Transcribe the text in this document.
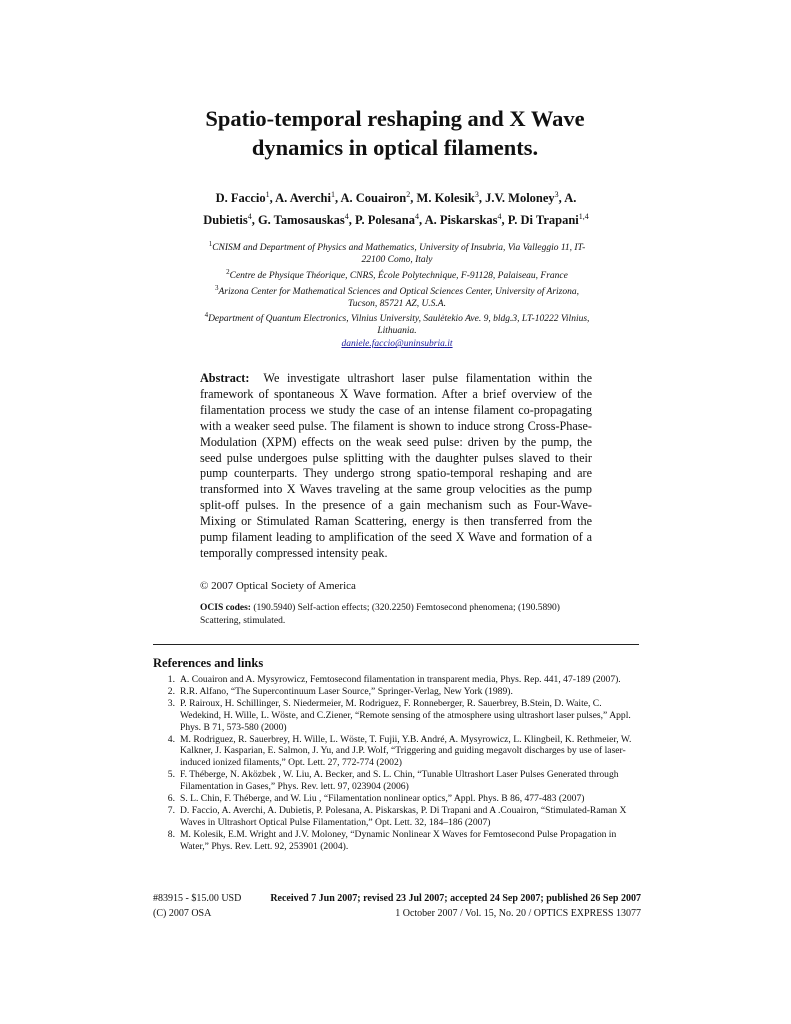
Spatio-temporal reshaping and X Wave
dynamics in optical filaments.
D. Faccio$^1$, A. Averchi$^1$, A. Couairon$^2$, M. Kolesik$^3$, J.V. Moloney$^3$, A. Dubietis$^4$, G. Tamosauskas$^4$, P. Polesana$^4$, A. Piskarskas$^4$, P. Di Trapani$^{1,4}$
$^1$CNISM and Department of Physics and Mathematics, University of Insubria, Via Valleggio 11, IT-22100 Como, Italy
$^2$Centre de Physique Théorique, CNRS, École Polytechnique, F-91128, Palaiseau, France
$^3$Arizona Center for Mathematical Sciences and Optical Sciences Center, University of Arizona, Tucson, 85721 AZ, U.S.A.
$^4$Department of Quantum Electronics, Vilnius University, Saulėtekio Ave. 9, bldg.3, LT-10222 Vilnius, Lithuania.
daniele.faccio@uninsubria.it
Abstract: We investigate ultrashort laser pulse filamentation within the framework of spontaneous X Wave formation. After a brief overview of the filamentation process we study the case of an intense filament co-propagating with a weaker seed pulse. The filament is shown to induce strong Cross-Phase-Modulation (XPM) effects on the weak seed pulse: driven by the pump, the seed pulse undergoes pulse splitting with the daughter pulses slaved to their pump counterparts. They undergo strong spatio-temporal reshaping and are transformed into X Waves traveling at the same group velocities as the pump split-off pulses. In the presence of a gain mechanism such as Four-Wave-Mixing or Stimulated Raman Scattering, energy is then transferred from the pump filament leading to amplification of the seed X Wave and formation of a temporally compressed intensity peak.
© 2007 Optical Society of America
OCIS codes: (190.5940) Self-action effects; (320.2250) Femtosecond phenomena; (190.5890) Scattering, stimulated.
References and links
1. A. Couairon and A. Mysyrowicz, Femtosecond filamentation in transparent media, Phys. Rep. 441, 47-189 (2007).
2. R.R. Alfano, “The Supercontinuum Laser Source,” Springer-Verlag, New York (1989).
3. P. Rairoux, H. Schillinger, S. Niedermeier, M. Rodriguez, F. Ronneberger, R. Sauerbrey, B.Stein, D. Waite, C. Wedekind, H. Wille, L. Wöste, and C.Ziener, “Remote sensing of the atmosphere using ultrashort laser pulses,” Appl. Phys. B 71, 573-580 (2000)
4. M. Rodriguez, R. Sauerbrey, H. Wille, L. Wöste, T. Fujii, Y.B. André, A. Mysyrowicz, L. Klingbeil, K. Rethmeier, W. Kalkner, J. Kasparian, E. Salmon, J. Yu, and J.P. Wolf, “Triggering and guiding megavolt discharges by use of laser-induced ionized filaments,” Opt. Lett. 27, 772-774 (2002)
5. F. Théberge, N. Aközbek , W. Liu, A. Becker, and S. L. Chin, “Tunable Ultrashort Laser Pulses Generated through Filamentation in Gases,” Phys. Rev. lett. 97, 023904 (2006)
6. S. L. Chin, F. Théberge, and W. Liu , “Filamentation nonlinear optics,” Appl. Phys. B 86, 477-483 (2007)
7. D. Faccio, A. Averchi, A. Dubietis, P. Polesana, A. Piskarskas, P. Di Trapani and A .Couairon, “Stimulated-Raman X Waves in Ultrashort Optical Pulse Filamentation,” Opt. Lett. 32, 184–186 (2007)
8. M. Kolesik, E.M. Wright and J.V. Moloney, “Dynamic Nonlinear X Waves for Femtosecond Pulse Propagation in Water,” Phys. Rev. Lett. 92, 253901 (2004).
#83915 - $15.00 USD	Received 7 Jun 2007; revised 23 Jul 2007; accepted 24 Sep 2007; published 26 Sep 2007
(C) 2007 OSA	1 October 2007 / Vol. 15, No. 20 / OPTICS EXPRESS 13077
